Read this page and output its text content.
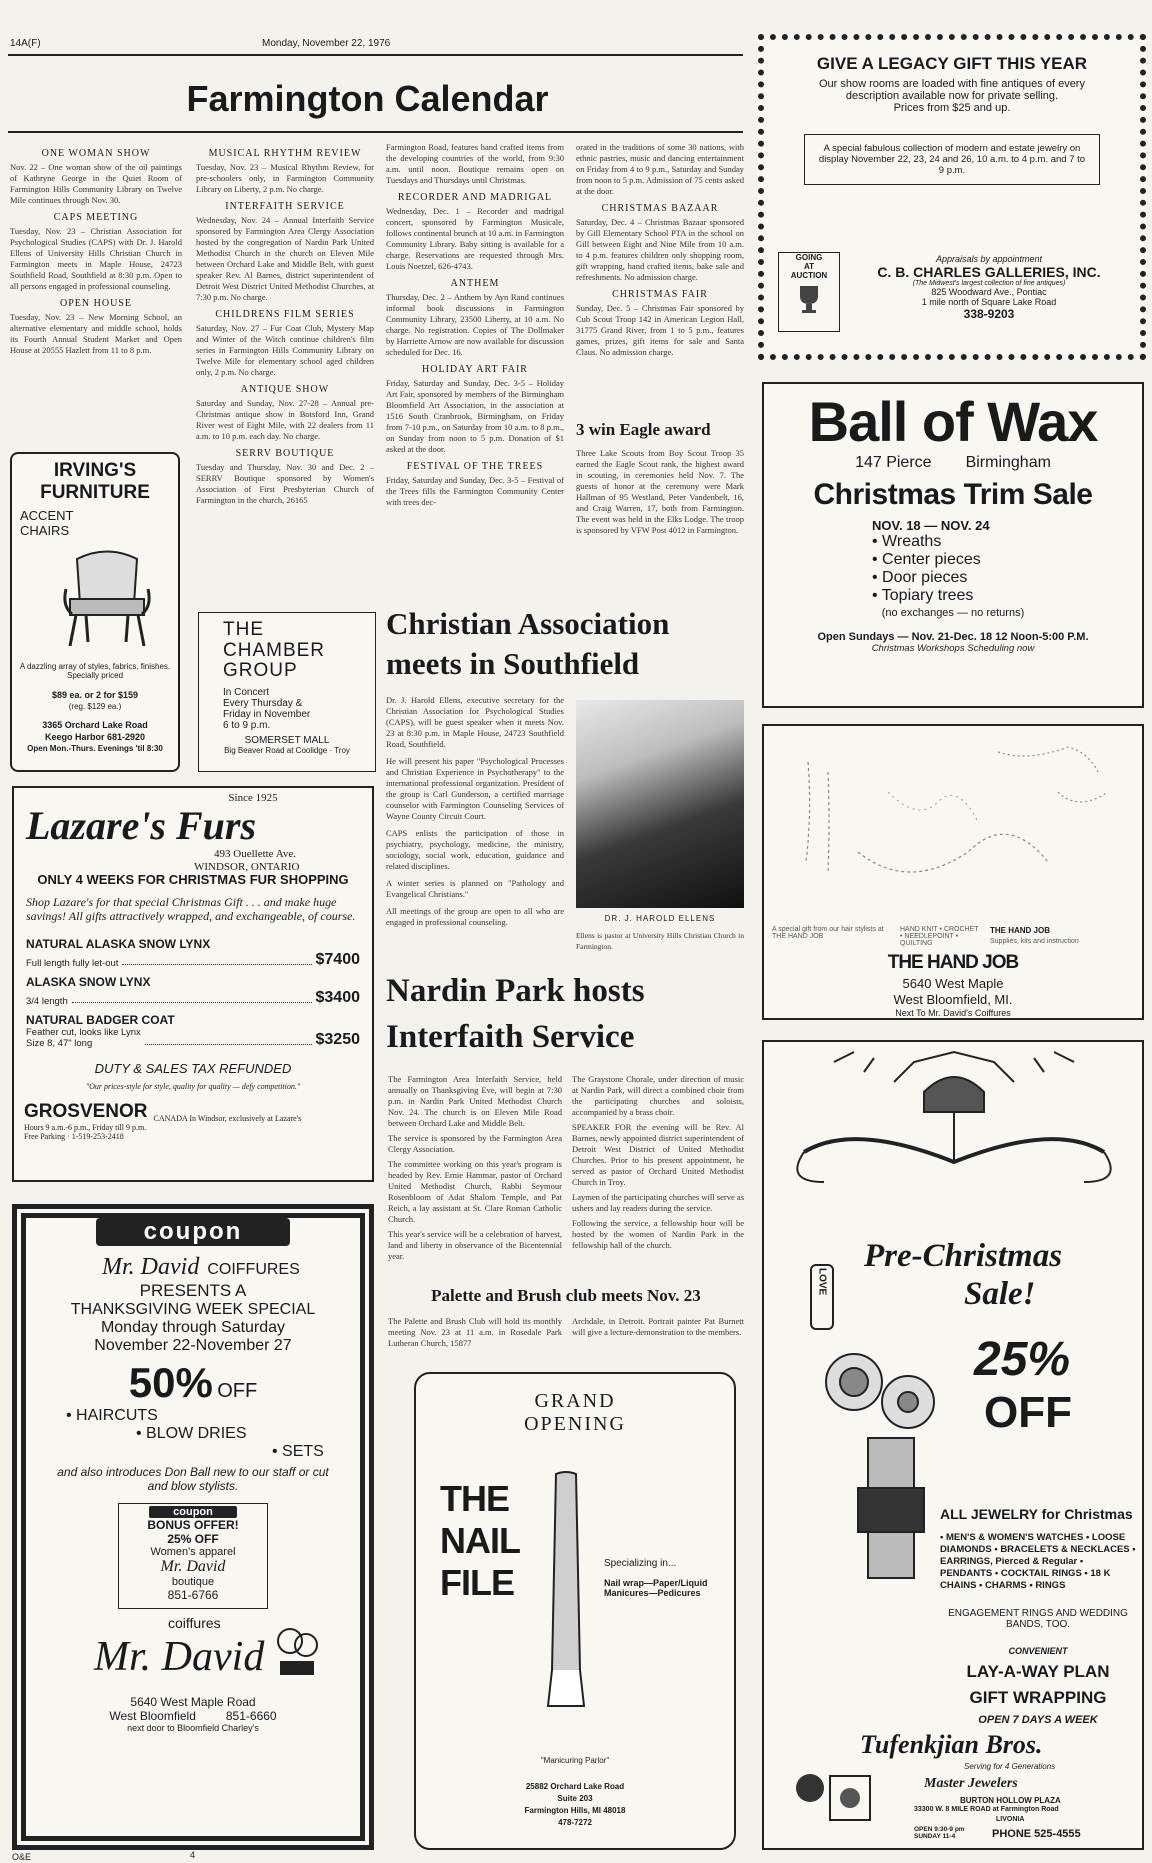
14A(F)	Monday, November 22, 1976
Farmington Calendar
ONE WOMAN SHOW
Nov. 22 – One woman show of the oil paintings of Kathryne George in the Quiet Room of Farmington Hills Community Library on Twelve Mile continues through Nov. 30.
CAPS MEETING
Tuesday, Nov. 23 – Christian Association for Psychological Studies (CAPS) with Dr. J. Harold Ellens of University Hills Christian Church in Farmington meets in Maple House, 24723 Southfield Road, Southfield at 8:30 p.m. Open to all persons engaged in professional counseling.
OPEN HOUSE
Tuesday, Nov. 23 – New Morning School, an alternative elementary and middle school, holds its Fourth Annual Student Market and Open House at 20555 Hazlett from 11 to 8 p.m.
MUSICAL RHYTHM REVIEW
Tuesday, Nov. 23 – Musical Rhythm Review, for pre-schoolers only, in Farmington Community Library on Liberty, 2 p.m. No charge.
INTERFAITH SERVICE
Wednesday, Nov. 24 – Annual Interfaith Service sponsored by Farmington Area Clergy Association hosted by the congregation of Nardin Park United Methodist Church in the church on Eleven Mile between Orchard Lake and Middle Belt, with guest speaker Rev. Al Barnes, district superintendent of Detroit West District United Methodist Churches, at 7:30 p.m. No charge.
CHILDRENS FILM SERIES
Saturday, Nov. 27 – Fur Coat Club, Mystery Map and Winter of the Witch continue children's film series in Farmington Hills Community Library on Twelve Mile for elementary school aged children only, 2 p.m. No charge.
ANTIQUE SHOW
Saturday and Sunday, Nov. 27-28 – Annual pre-Christmas antique show in Botsford Inn, Grand River west of Eight Mile, with 22 dealers from 11 a.m. to 10 p.m. each day. No charge.
SERRV BOUTIQUE
Tuesday and Thursday, Nov. 30 and Dec. 2 – SERRV Boutique sponsored by Women's Association of First Presbyterian Church of Farmington in the church, 26165
Farmington Road, features hand crafted items from the developing countries of the world, from 9:30 a.m. until noon. Boutique remains open on Tuesdays and Thursdays until Christmas.
RECORDER AND MADRIGAL
Wednesday, Dec. 1 – Recorder and madrigal concert, sponsored by Farmington Musicale, follows continental brunch at 10 a.m. in Farmington Community Library. Baby sitting is available for a charge. Reservations are requested through Mrs. Louis Noetzel, 626-4743.
ANTHEM
Thursday, Dec. 2 – Anthem by Ayn Rand continues informal book discussions in Farmington Community Library, 23500 Liberty, at 10 a.m. No charge. No registration. Copies of The Dollmaker by Harriette Arnow are now available for discussion scheduled for Dec. 16.
HOLIDAY ART FAIR
Friday, Saturday and Sunday, Dec. 3-5 – Holiday Art Fair, sponsored by members of the Birmingham Bloomfield Art Association, in the association at 1516 South Cranbrook, Birmingham, on Friday from 7-10 p.m., on Saturday from 10 a.m. to 8 p.m., on Sunday from noon to 5 p.m. Donation of $1 asked at the door.
FESTIVAL OF THE TREES
Friday, Saturday and Sunday, Dec. 3-5 – Festival of the Trees fills the Farmington Community Center with trees dec-
orated in the traditions of some 30 nations, with ethnic pastries, music and dancing entertainment on Friday from 4 to 9 p.m., Saturday and Sunday from noon to 5 p.m. Admission of 75 cents asked at the door.
CHRISTMAS BAZAAR
Saturday, Dec. 4 – Christmas Bazaar sponsored by Gill Elementary School PTA in the school on Gill between Eight and Nine Mile from 10 a.m. to 4 p.m. features children only shopping room, gift wrapping, hand crafted items, bake sale and refreshments. No admission charge.
CHRISTMAS FAIR
Sunday, Dec. 5 – Christmas Fair sponsored by Cub Scout Troop 142 in American Legion Hall, 31775 Grand River, from 1 to 5 p.m., features games, prizes, gift items for sale and Santa Claus. No admission charge.
3 win Eagle award
Three Lake Scouts from Boy Scout Troop 35 earned the Eagle Scout rank, the highest award in scouting, in ceremonies held Nov. 7. The guests of honor at the ceremony were Mark Hallman of 95 Westland, Peter Vandenbelt, 16, and Craig Warren, 17, both from Farmington. The event was held in the Elks Lodge. The troop is sponsored by VFW Post 4012 in Farmington.
IRVING'S
FURNITURE
ACCENT
CHAIRS
A dazzling array of styles, fabrics, finishes. Specially priced
$89 ea. or 2 for $159
(reg. $129 ea.)
3365 Orchard Lake Road
Keego Harbor 681-2920
Open Mon.-Thurs. Evenings 'til 8:30
THE
CHAMBER
GROUP
In Concert
Every Thursday &
Friday in November
6 to 9 p.m.
SOMERSET MALL
Big Beaver Road at Coolidge · Troy
Christian Association meets in Southfield
Dr. J. Harold Ellens, executive secretary for the Christian Association for Psychological Studies (CAPS), will be guest speaker when it meets Nov. 23 at 8:30 p.m. in Maple House, 24723 Southfield Road, Southfield.
He will present his paper "Psychological Processes and Christian Experience in Psychotherapy" to the international professional organization. President of the group is Carl Gunderson, a certified marriage counselor with Farmington Counseling Services of Wayne County Circuit Court.
CAPS enlists the participation of those in psychiatry, psychology, medicine, the ministry, sociology, social work, education, guidance and related disciplines.
A winter series is planned on "Pathology and Evangelical Christians."
All meetings of the group are open to all who are engaged in professional counseling.	DR. J. HAROLD ELLENS
Ellens is pastor at University Hills Christian Church in Farmington.
Nardin Park hosts Interfaith Service
The Farmington Area Interfaith Service, held annually on Thanksgiving Eve, will begin at 7:30 p.m. in Nardin Park United Methodist Church Nov. 24. The church is on Eleven Mile Road between Orchard Lake and Middle Belt.
The service is sponsored by the Farmington Area Clergy Association.
The committee working on this year's program is headed by Rev. Ernie Hammar, pastor of Orchard United Methodist Church, Rabbi Seymour Rosenbloom of Adat Shalom Temple, and Pat Reich, a lay assistant at St. Clare Roman Catholic Church.
This year's service will be a celebration of harvest, land and liberty in observance of the Bicentennial year.
The Graystone Chorale, under direction of music at Nardin Park, will direct a combined choir from the participating churches and soloists, accompanied by a brass choir.
SPEAKER FOR the evening will be Rev. Al Barnes, newly appointed district superintendent of Detroit West District of United Methodist Churches. Prior to his present appointment, he served as pastor of Orchard United Methodist Church in Troy.
Laymen of the participating churches will serve as ushers and lay readers during the service.
Following the service, a fellowship hour will be hosted by the women of Nardin Park in the fellowship hall of the church.
Palette and Brush club meets Nov. 23
The Palette and Brush Club will hold its monthly meeting Nov. 23 at 11 a.m. in Rosedale Park Lutheran Church, 15877
Archdale, in Detroit. Portrait painter Pat Burnett will give a lecture-demonstration to the members.
GIVE A LEGACY GIFT THIS YEAR
Our show rooms are loaded with fine antiques of every description available now for private selling.
Prices from $25 and up.
A special fabulous collection of modern and estate jewelry on display November 22, 23, 24 and 26, 10 a.m. to 4 p.m. and 7 to 9 p.m.
GOING
AT
AUCTION
Appraisals by appointment
C. B. CHARLES GALLERIES, INC.
(The Midwest's largest collection of fine antiques)
825 Woodward Ave., Pontiac
1 mile north of Square Lake Road
338-9203
Ball of Wax
147 Pierce Birmingham
Christmas Trim Sale
NOV. 18 — NOV. 24
• Wreaths
• Center pieces
• Door pieces
• Topiary trees
(no exchanges — no returns)
Open Sundays — Nov. 21-Dec. 18 12 Noon-5:00 P.M.
Christmas Workshops Scheduling now
A special gift from our hair stylists at THE HAND JOB
HAND KNIT • CROCHET • NEEDLEPOINT • QUILTING
THE HAND JOB
Supplies, kits and instruction
THE HAND JOB
5640 West Maple
West Bloomfield, MI.
Next To Mr. David's Coiffures
Since 1925
Lazare's Furs
493 Ouellette Ave.
WINDSOR, ONTARIO
ONLY 4 WEEKS FOR CHRISTMAS FUR SHOPPING
Shop Lazare's for that special Christmas Gift . . . and make huge savings! All gifts attractively wrapped, and exchangeable, of course.
NATURAL ALASKA SNOW LYNX
Full length fully let-out	$7400
ALASKA SNOW LYNX
3/4 length	$3400
NATURAL BADGER COAT
Feather cut, looks like Lynx
Size 8, 47" long	$3250
DUTY & SALES TAX REFUNDED
"Our prices-style for style, quality for quality — defy competition."
GROSVENOR CANADA In Windsor, exclusively at Lazare's
Hours 9 a.m.-6 p.m., Friday till 9 p.m.
Free Parking · 1-519-253-2418
coupon
Mr. David COIFFURES
PRESENTS A
THANKSGIVING WEEK SPECIAL
Monday through Saturday
November 22-November 27
50% OFF
• HAIRCUTS
• BLOW DRIES
• SETS
and also introduces Don Ball new to our staff or cut and blow stylists.
coupon
BONUS OFFER!
25% OFF
Women's apparel
Mr. David
boutique
851-6766
coiffures
Mr. David
5640 West Maple Road
West Bloomfield	851-6660
next door to Bloomfield Charley's
GRAND
OPENING
THE
NAIL
FILE	Specializing in...
Nail wrap—Paper/Liquid Manicures—Pedicures
"Manicuring Parlor"
25882 Orchard Lake Road
Suite 203
Farmington Hills, MI 48018
478-7272
LOVE
Pre-Christmas
Sale!
25%
OFF
ALL JEWELRY for Christmas
• MEN'S & WOMEN'S WATCHES • LOOSE DIAMONDS • BRACELETS & NECKLACES • EARRINGS, Pierced & Regular • PENDANTS • COCKTAIL RINGS • 18 K CHAINS • CHARMS • RINGS
ENGAGEMENT RINGS AND WEDDING BANDS, TOO.
CONVENIENT
LAY-A-WAY PLAN
GIFT WRAPPING
OPEN 7 DAYS A WEEK
Tufenkjian Bros.
Serving for 4 Generations
Master Jewelers
BURTON HOLLOW PLAZA
33300 W. 8 MILE ROAD at Farmington Road
LIVONIA
OPEN 9:30-9 pm SUNDAY 11-4	PHONE 525-4555
O&E	4
